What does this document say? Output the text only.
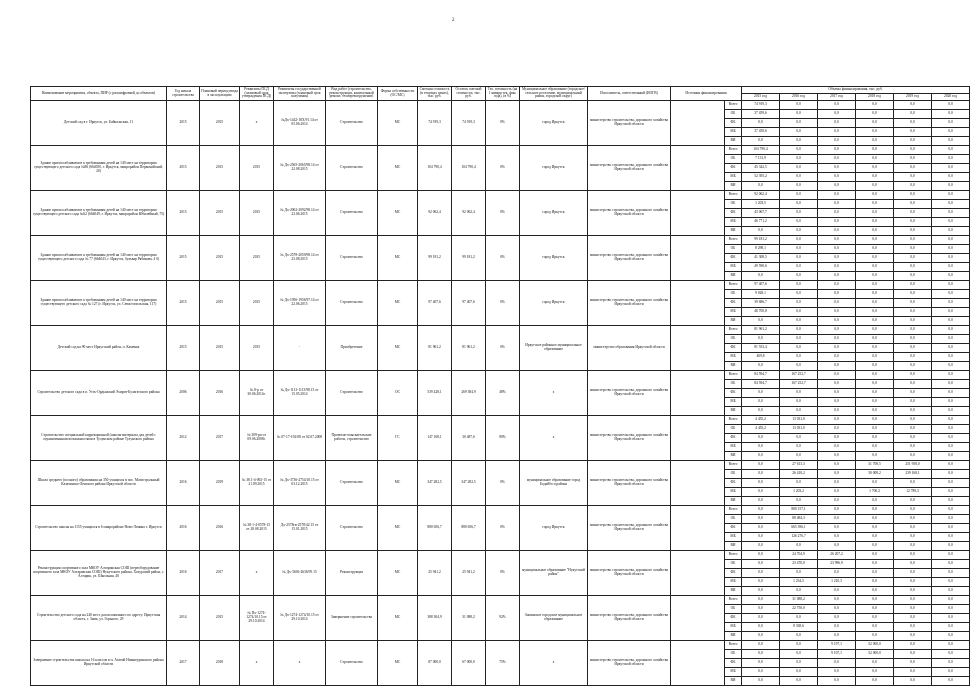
2
Наименование мероприятия, объекта, ПИР (с расшифровкой до объектов)	Год начала строительства	Плановый период ввода в эксплуатацию	Реквизиты ПСД (плановый срок утверждения ПСД)	Реквизиты государственной экспертизы (плановый срок получения)	Вид работ (строительство, реконструкция, капитальный ремонт, техперевооружение)	Форма собственности (ОС/МС)	Сметная стоимость (в текущих ценах), тыс. руб.	Остаток сметной стоимости, тыс. руб.	Тех. готовность (на 1 января тек. фин. года), (в %)	Муниципальное образование (городское/сельское поселение, муниципальный район, городской округ)	Исполнитель, ответственный (ИОГВ)	Источник финансирования		Объемы финансирования, тыс. руб.					
														2015 год	2016 год	2017 год	2018 год	2019 год	2020 год
Детский сад в г. Иркутск, ул. Байкальская, 11	2015	2015	х	№Дх-1442-18Х/91.14 от 05.06.2014	Строительство	МС	74 919,3	74 919,3	0%	город Иркутск	министерство строительства, дорожного хозяйства Иркутской области		Всего	74 919,3	0,0	0,0	0,0	0,0	0,0
													ОБ	37 459,6	0,0	0,0	0,0	0,0	0,0
													ФБ	0,0	0,0	0,0	0,0	0,0	0,0
													МБ	37 459,6	0,0	0,0	0,0	0,0	0,0
													ВИ	0,0	0,0	0,0	0,0	0,0	0,0
Здание приспосабливаемое к требованиям детей на 140 мест на территории существующего детского сада №86 (664050, г. Иркутск, микрорайон Первомайский, 20)	2015	2015	2015	№ Дх-2565-2065/98.14 от 22.08.2015	Строительство	МС	104 790,4	104 790,4	0%	город Иркутск	министерство строительства, дорожного хозяйства Иркутской области		Всего	104 790,4	0,0	0,0	0,0	0,0	0,0
													ОБ	7 131,9	0,0	0,0	0,0	0,0	0,0
													ФБ	45 342,5	0,0	0,0	0,0	0,0	0,0
													МБ	52 395,2	0,0	0,0	0,0	0,0	0,0
													ВИ	0,0	0,0	0,0	0,0	0,0	0,0
Здание приспосабливаемое к требованиям детей на 140 мест на территории существующего детского сада №62 (664049, г. Иркутск, микрорайон Юбилейный, 75)	2015	2015	2015	№ Дх-2062-2092/98.14 от 22.06.2015	Строительство	МС	92 062,4	92 062,4	0%	город Иркутск	министерство строительства, дорожного хозяйства Иркутской области		Всего	92 062,4	0,0	0,0	0,0	0,0	0,0
													ОБ	1 203,5	0,0	0,0	0,0	0,0	0,0
													ФБ	43 067,7	0,0	0,0	0,0	0,0	0,0
													МБ	46 771,2	0,0	0,0	0,0	0,0	0,0
													ВИ	0,0	0,0	0,0	0,0	0,0	0,0
Здание приспосабливаемое к требованиям детей на 140 мест на территории существующего детского сада № 77 (664043, г. Иркутск, бульвар Рябикова, 4 б)	2015	2015	2015	№ Дх-2578-2059/98.14 от 23.08.2015	Строительство	МС	99 181,2	99 181,2	0%	город Иркутск	министерство строительства, дорожного хозяйства Иркутской области		Всего	99 181,2	0,0	0,0	0,0	0,0	0,0
													ОБ	8 298,1	0,0	0,0	0,0	0,0	0,0
													ФБ	41 308,5	0,0	0,0	0,0	0,0	0,0
													МБ	49 590,6	0,0	0,0	0,0	0,0	0,0
													ВИ	0,0	0,0	0,0	0,0	0,0	0,0
Здание приспосабливаемое к требованиям детей на 140 мест на территории существующего детского сада № 127 (г. Иркутск, ул. Севастопольская, 117)	2015	2015	2015	№ Дх-1956-1956/97.14 от 22.06.2015	Строительство	МС	97 407,6	97 407,6	0%	город Иркутск	министерство строительства, дорожного хозяйства Иркутской области		Всего	97 407,6	0,0	0,0	0,0	0,0	0,0
													ОБ	9 028,1	0,0	0,0	0,0	0,0	0,0
													ФБ	39 686,7	0,0	0,0	0,0	0,0	0,0
													МБ	48 700,8	0,0	0,0	0,0	0,0	0,0
													ВИ	0,0	0,0	0,0	0,0	0,0	0,0
Детский сад на 90 мест Иркутский район, п. Каменка	2015	2015	2015	-	Приобретение	МС	81 961,2	81 961,2	0%	Иркутское районное муниципальное образование	министерство образования Иркутской области		Всего	81 961,2	0,0	0,0	0,0	0,0	0,0
													ОБ	0,0	0,0	0,0	0,0	0,0	0,0
													ФБ	81 553,4	0,0	0,0	0,0	0,0	0,0
													МБ	409,8	0,0	0,0	0,0	0,0	0,0
													ВИ	0,0	0,0	0,0	0,0	0,0	0,0
Строительство детского сада в п. Усть-Ордынский Эхирит-Булагатского района	2006	2016	№ 8-р от 30.06.2014г.	№ Дх-1113-1113/98.15 от 15.05.2014	Строительство	ОС	539 428,1	269 384,9	48%	х	министерство строительства, дорожного хозяйства Иркутской области		Всего	84 594,7	167 252,7	0,0	0,0	0,0	0,0
													ОБ	84 594,7	167 252,7	0,0	0,0	0,0	0,0
													ФБ	0,0	0,0	0,0	0,0	0,0	0,0
													МБ	0,0	0,0	0,0	0,0	0,0	0,0
													ВИ	0,0	0,0	0,0	0,0	0,0	0,0
Строительство специальной коррекционной (школы-интерната для детей с ограниченными возможностями в Тулунском районе Тулунского района	2012	2017	№ 309-рп от 09.06.2008г.	№ 07-17-192/08 от 02.07.2008	Проектно-изыскательские работы, строительство	ГС	147 168,1	30 487,6	80%	х	министерство строительства, дорожного хозяйства Иркутской области		Всего	4 455,2	13 031,0	0,0	0,0	0,0	0,0
													ОБ	4 455,2	13 031,0	0,0	0,0	0,0	0,0
													ФБ	0,0	0,0	0,0	0,0	0,0	0,0
													МБ	0,0	0,0	0,0	0,0	0,0	0,0
													ВИ	0,0	0,0	0,0	0,0	0,0	0,0
Школа среднего (полного) образования на 350 учащихся в пос. Магистральный Казачинско-Ленского района Иркутской области	2016	2019	№ 38.1-4-092-15 от 21.09.2015	№ Дх-3736-2754/10.15 от 03.12.2015	Строительство	МС	347 282,5	347 282,5	0%	муниципальное образование город Бодайбо и района	министерство строительства, дорожного хозяйства Иркутской области		Всего	0,0	27 613,3	0,0	31 708,5	251 958,0	0,0
													ОБ	0,0	26 410,2	0,0	30 008,2	239 168,1	0,0
													ФБ	0,0	0,0	0,0	0,0	0,0	0,0
													МБ	0,0	1 203,2	0,0	1 700,2	12 789,3	0,0
													ВИ	0,0	0,0	0,0	0,0	0,0	0,0
Строительство школы на 1155 учащихся в 6 микрорайоне Ново-Ленино г. Иркутск	2016	2016	№ 38-1-4-0578-15 от 28.08.2015	Дх-2578гв-2578/42.15 от 15.01.2015	Строительство	МС	880 656,7	880 656,7	0%	город Иркутск	министерство строительства, дорожного хозяйства Иркутской области		Всего	0,0	880 157,1	0,0	0,0	0,0	0,0
													ОБ	0,0	88 484,3	0,0	0,0	0,0	0,0
													ФБ	0,0	665 396,1	0,0	0,0	0,0	0,0
													МБ	0,0	126 276,7	0,0	0,0	0,0	0,0
													ВИ	0,0	0,0	0,0	0,0	0,0	0,0
Реконструкция спортивного зала МКОУ Алтарикская СОШ (переоборудование спортивного зала МКОУ Алтарикская СОШ) Нукутского района, Хохурский район, с. Алтарик, ул. Школьная, 40	2016	2017	х	№ Дх-3636-2636/95.15	Реконструкция	МС	25 941,2	25 941,2	0%	муниципальное образование "Нукутский район"	министерство строительства, дорожного хозяйства Иркутской области		Всего	0,0	24 704,9	26 207,2	0,0	0,0	0,0
													ОБ	0,0	23 470,0	23 996,9	0,0	0,0	0,0
													ФБ	0,0	0,0	0,0	0,0	0,0	0,0
													МБ	0,0	1 234,5	1 210,3	0,0	0,0	0,0
													ВИ	0,0	0,0	0,0	0,0	0,0	0,0
Строительство детского сада на 240 мест, расположенного по адресу: Иркутская область, г. Зима, ул. Горького, 29	2014	2015	№ Пх-1274-1274/10.15 от 29.10.2014	№ Дх-1274-1274/10.15 от 29.10.2014	Завершение строительства	МС	388 304,9	31 088,2	92%	Зиминское городское муниципальное образование	министерство строительства, дорожного хозяйства Иркутской области		Всего	0,0	31 088,2	0,0	0,0	0,0	0,0
													ОБ	0,0	22 750,0	0,0	0,0	0,0	0,0
													ФБ	0,0	0,0	0,0	0,0	0,0	0,0
													МБ	0,0	8 338,6	0,0	0,0	0,0	0,0
													ВИ	0,0	0,0	0,0	0,0	0,0	0,0
Завершение строительства школы на 16 классов в п. Агатий Нижнеудинского района Иркутской области	2017	2018	х	х	Строительство	МС	87 000,0	67 000,0	75%	х	министерство строительства, дорожного хозяйства Иркутской области		Всего	0,0	0,0	9 197,1	52 000,0	0,0	0,0
													ОБ	0,0	0,0	9 107,1	52 000,0	0,0	0,0
													ФБ	0,0	0,0	0,0	0,0	0,0	0,0
													МБ	0,0	0,0	0,0	0,0	0,0	0,0
													ВИ	0,0	0,0	0,0	0,0	0,0	0,0
